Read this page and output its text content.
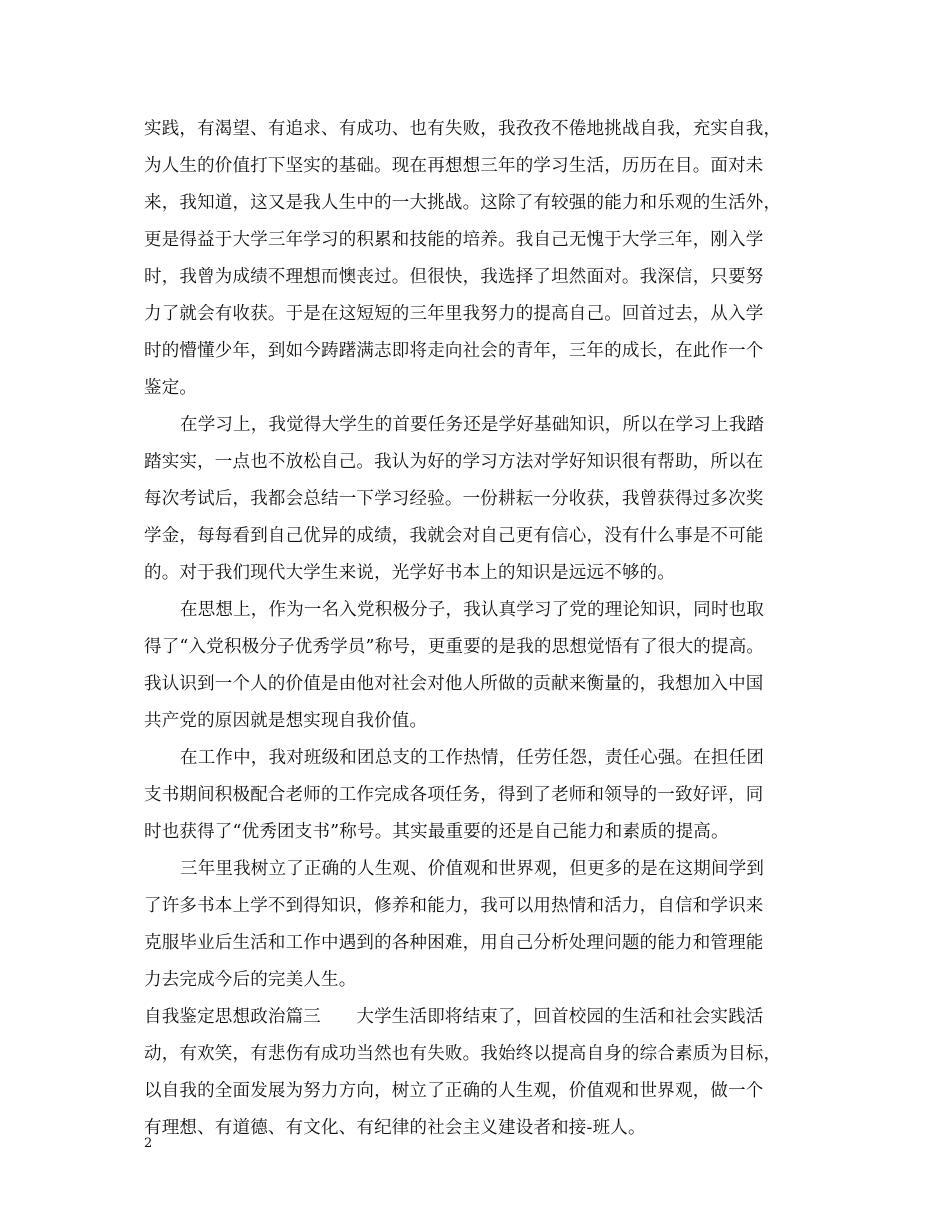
实践，有渴望、有追求、有成功、也有失败，我孜孜不倦地挑战自我，充实自我，
为人生的价值打下坚实的基础。现在再想想三年的学习生活，历历在目。面对未
来，我知道，这又是我人生中的一大挑战。这除了有较强的能力和乐观的生活外，
更是得益于大学三年学习的积累和技能的培养。我自己无愧于大学三年，刚入学
时，我曾为成绩不理想而懊丧过。但很快，我选择了坦然面对。我深信，只要努
力了就会有收获。于是在这短短的三年里我努力的提高自己。回首过去，从入学
时的懵懂少年，到如今踌躇满志即将走向社会的青年，三年的成长，在此作一个
鉴定。
在学习上，我觉得大学生的首要任务还是学好基础知识，所以在学习上我踏
踏实实，一点也不放松自己。我认为好的学习方法对学好知识很有帮助，所以在
每次考试后，我都会总结一下学习经验。一份耕耘一分收获，我曾获得过多次奖
学金，每每看到自己优异的成绩，我就会对自己更有信心，没有什么事是不可能
的。对于我们现代大学生来说，光学好书本上的知识是远远不够的。
在思想上，作为一名入党积极分子，我认真学习了党的理论知识，同时也取
得了“入党积极分子优秀学员”称号，更重要的是我的思想觉悟有了很大的提高。
我认识到一个人的价值是由他对社会对他人所做的贡献来衡量的，我想加入中国
共产党的原因就是想实现自我价值。
在工作中，我对班级和团总支的工作热情，任劳任怨，责任心强。在担任团
支书期间积极配合老师的工作完成各项任务，得到了老师和领导的一致好评，同
时也获得了“优秀团支书”称号。其实最重要的还是自己能力和素质的提高。
三年里我树立了正确的人生观、价值观和世界观，但更多的是在这期间学到
了许多书本上学不到得知识，修养和能力，我可以用热情和活力，自信和学识来
克服毕业后生活和工作中遇到的各种困难，用自己分析处理问题的能力和管理能
力去完成今后的完美人生。
自我鉴定思想政治篇三　　大学生活即将结束了，回首校园的生活和社会实践活
动，有欢笑，有悲伤有成功当然也有失败。我始终以提高自身的综合素质为目标，
以自我的全面发展为努力方向，树立了正确的人生观，价值观和世界观，做一个
有理想、有道德、有文化、有纪律的社会主义建设者和接-班人。
2
